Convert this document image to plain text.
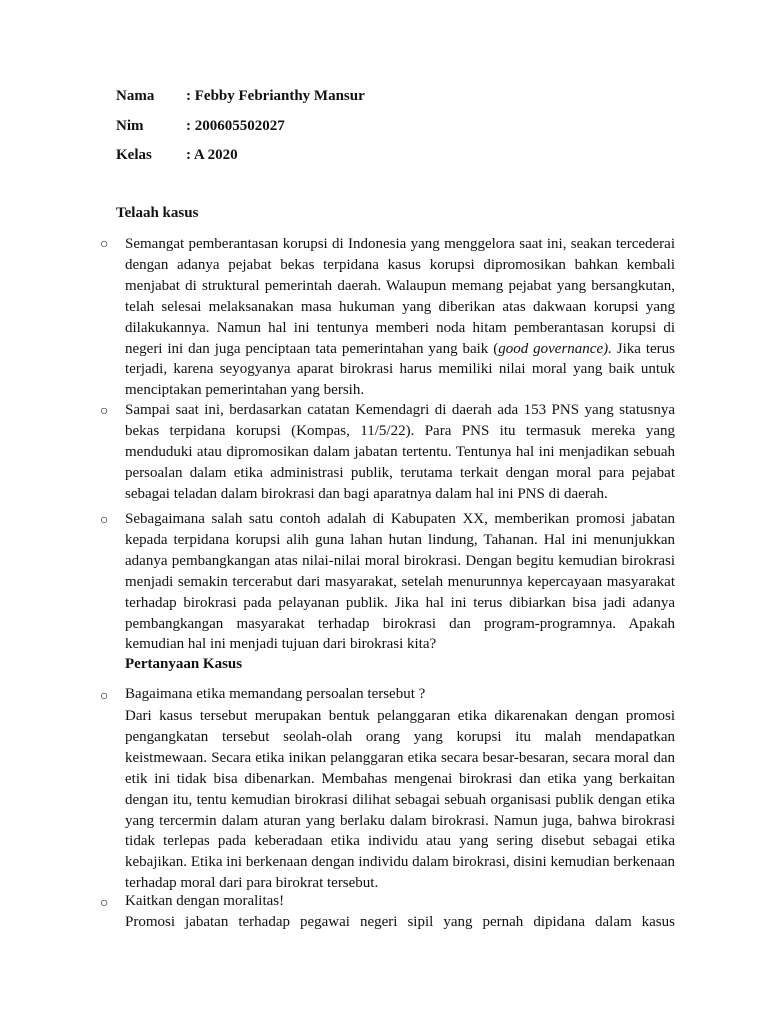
Nama : Febby Febrianthy Mansur
Nim	: 200605502027
Kelas : A 2020
Telaah kasus
○ Semangat pemberantasan korupsi di Indonesia yang menggelora saat ini, seakan tercederai dengan adanya pejabat bekas terpidana kasus korupsi dipromosikan bahkan kembali menjabat di struktural pemerintah daerah. Walaupun memang pejabat yang bersangkutan, telah selesai melaksanakan masa hukuman yang diberikan atas dakwaan korupsi yang dilakukannya. Namun hal ini tentunya memberi noda hitam pemberantasan korupsi di negeri ini dan juga penciptaan tata pemerintahan yang baik (good governance). Jika terus terjadi, karena seyogyanya aparat birokrasi harus memiliki nilai moral yang baik untuk menciptakan pemerintahan yang bersih.

○ Sampai saat ini, berdasarkan catatan Kemendagri di daerah ada 153 PNS yang statusnya bekas terpidana korupsi (Kompas, 11/5/22). Para PNS itu termasuk mereka yang menduduki atau dipromosikan dalam jabatan tertentu. Tentunya hal ini menjadikan sebuah persoalan dalam etika administrasi publik, terutama terkait dengan moral para pejabat sebagai teladan dalam birokrasi dan bagi aparatnya dalam hal ini PNS di daerah.

○ Sebagaimana salah satu contoh adalah di Kabupaten XX, memberikan promosi jabatan kepada terpidana korupsi alih guna lahan hutan lindung, Tahanan. Hal ini menunjukkan adanya pembangkangan atas nilai-nilai moral birokrasi. Dengan begitu kemudian birokrasi menjadi semakin tercerabut dari masyarakat, setelah menurunnya kepercayaan masyarakat terhadap birokrasi pada pelayanan publik. Jika hal ini terus dibiarkan bisa jadi adanya pembangkangan masyarakat terhadap birokrasi dan program-programnya. Apakah kemudian hal ini menjadi tujuan dari birokrasi kita?

Pertanyaan Kasus
○ Bagaimana etika memandang persoalan tersebut ?

Dari kasus tersebut merupakan bentuk pelanggaran etika dikarenakan dengan promosi pengangkatan tersebut seolah-olah orang yang korupsi itu malah mendapatkan keistmewaan. Secara etika inikan pelanggaran etika secara besar-besaran, secara moral dan etik ini tidak bisa dibenarkan. Membahas mengenai birokrasi dan etika yang berkaitan dengan itu, tentu kemudian birokrasi dilihat sebagai sebuah organisasi publik dengan etika yang tercermin dalam aturan yang berlaku dalam birokrasi. Namun juga, bahwa birokrasi tidak terlepas pada keberadaan etika individu atau yang sering disebut sebagai etika kebajikan. Etika ini berkenaan dengan individu dalam birokrasi, disini kemudian berkenaan terhadap moral dari para birokrat tersebut.

○ Kaitkan dengan moralitas!

Promosi jabatan terhadap pegawai negeri sipil yang pernah dipidana dalam kasus
